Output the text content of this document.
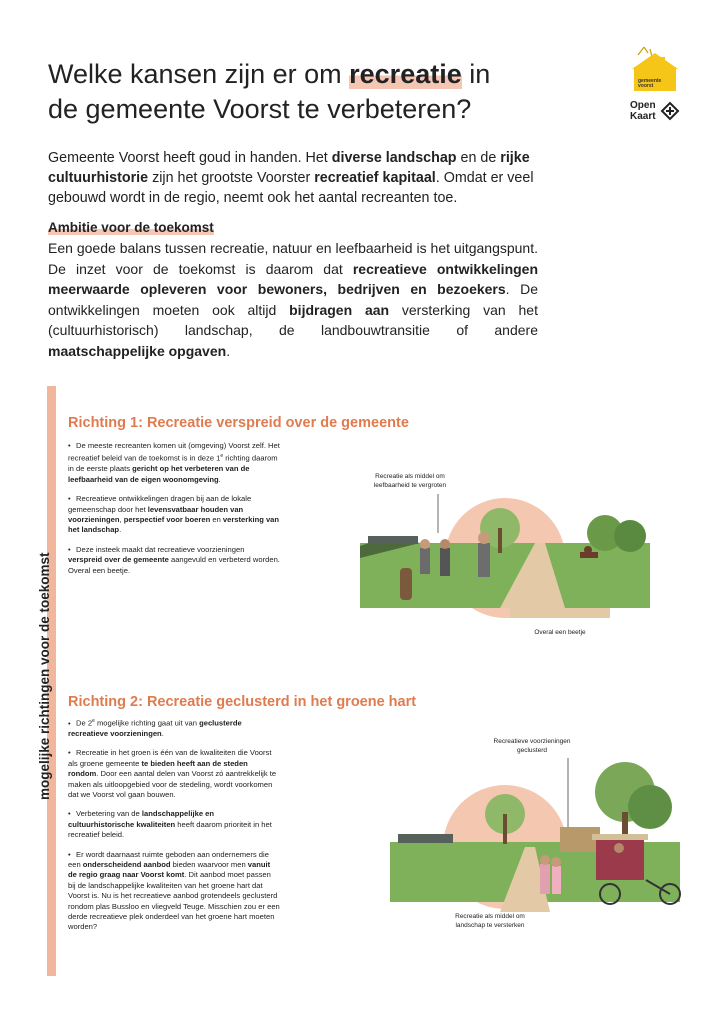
gemeente
voorst
Open
Kaart
Welke kansen zijn er om recreatie in
de gemeente Voorst te verbeteren?

Gemeente Voorst heeft goud in handen. Het diverse landschap en de rijke
cultuurhistorie zijn het grootste Voorster recreatief kapitaal. Omdat er veel
gebouwd wordt in de regio, neemt ook het aantal recreanten toe.

Ambitie voor de toekomst

Een goede balans tussen recreatie, natuur en leefbaarheid is het uitgangspunt. De inzet voor de toekomst is daarom dat recreatieve ontwikkelingen meerwaarde opleveren voor bewoners, bedrijven en bezoekers. De ontwikkelingen moeten ook altijd bijdragen aan versterking van het (cultuurhistorisch) landschap, de landbouwtransitie of andere maatschappelijke opgaven.

mogelijke richtingen voor de toekomst
Richting 1: Recreatie verspreid over de gemeente
• De meeste recreanten komen uit (omgeving) Voorst zelf. Het recreatief beleid van de toekomst is in deze 1e richting daarom in de eerste plaats gericht op het verbeteren van de leefbaarheid van de eigen woonomgeving.
• Recreatieve ontwikkelingen dragen bij aan de lokale gemeenschap door het levensvatbaar houden van voorzieningen, perspectief voor boeren en versterking van het landschap.
• Deze insteek maakt dat recreatieve voorzieningen verspreid over de gemeente aangevuld en verbeterd worden. Overal een beetje.
Recreatie als middel om leefbaarheid te vergroten
Overal een beetje
Richting 2: Recreatie geclusterd in het groene hart
• De 2e mogelijke richting gaat uit van geclusterde recreatieve voorzieningen.
• Recreatie in het groen is één van de kwaliteiten die Voorst als groene gemeente te bieden heeft aan de steden rondom. Door een aantal delen van Voorst zó aantrekkelijk te maken als uitloopgebied voor de stedeling, wordt voorkomen dat we Voorst vol gaan bouwen.
• Verbetering van de landschappelijke en cultuurhistorische kwaliteiten heeft daarom prioriteit in het recreatief beleid.
• Er wordt daarnaast ruimte geboden aan ondernemers die een onderscheidend aanbod bieden waarvoor men vanuit de regio graag naar Voorst komt. Dit aanbod moet passen bij de landschappelijke kwaliteiten van het groene hart dat Voorst is. Nu is het recreatieve aanbod grotendeels geclusterd rondom plas Bussloo en vliegveld Teuge. Misschien zou er een derde recreatieve plek onderdeel van het groene hart moeten worden?
Recreatieve voorzieningen geclusterd
Recreatie als middel om landschap te versterken
